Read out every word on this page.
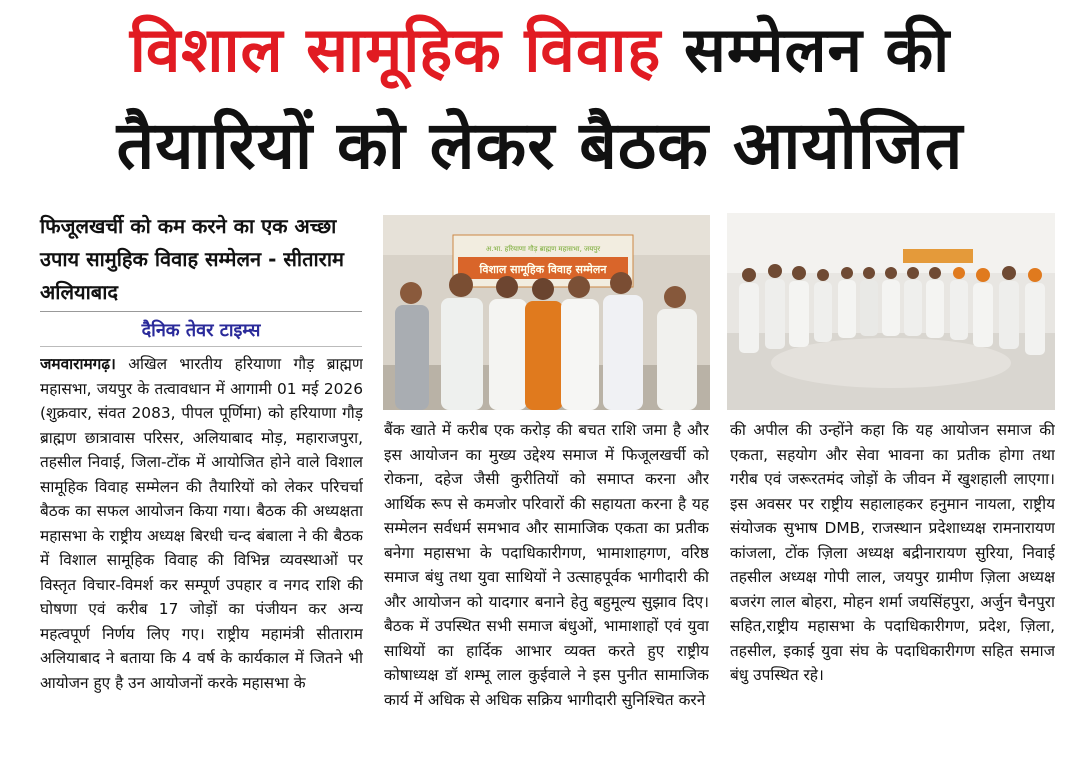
विशाल सामूहिक विवाह सम्मेलन की
तैयारियों को लेकर बैठक आयोजित
फिजूलखर्ची को कम करने का एक अच्छा उपाय सामुहिक विवाह सम्मेलन - सीताराम अलियाबाद
दैनिक तेवर टाइम्स
जमवारामगढ़। अखिल भारतीय हरियाणा गौड़ ब्राह्मण महासभा, जयपुर के तत्वावधान में आगामी 01 मई 2026 (शुक्रवार, संवत 2083, पीपल पूर्णिमा) को हरियाणा गौड़ ब्राह्मण छात्रावास परिसर, अलियाबाद मोड़, महाराजपुरा, तहसील निवाई, जिला-टोंक में आयोजित होने वाले विशाल सामूहिक विवाह सम्मेलन की तैयारियों को लेकर परिचर्चा बैठक का सफल आयोजन किया गया। बैठक की अध्यक्षता महासभा के राष्ट्रीय अध्यक्ष बिरधी चन्द बंबाला ने की बैठक में विशाल सामूहिक विवाह की विभिन्न व्यवस्थाओं पर विस्तृत विचार-विमर्श कर सम्पूर्ण उपहार व नगद राशि की घोषणा एवं करीब 17 जोड़ों का पंजीयन कर अन्य महत्वपूर्ण निर्णय लिए गए। राष्ट्रीय महामंत्री सीताराम अलियाबाद ने बताया कि 4 वर्ष के कार्यकाल में जितने भी आयोजन हुए है उन आयोजनों करके महासभा के
अ.भा. हरियाणा गौड़ ब्राह्मण महासभा, जयपुर
विशाल सामूहिक विवाह सम्मेलन
बैंक खाते में करीब एक करोड़ की बचत राशि जमा है और इस आयोजन का मुख्य उद्देश्य समाज में फिजूलखर्ची को रोकना, दहेज जैसी कुरीतियों को समाप्त करना और आर्थिक रूप से कमजोर परिवारों की सहायता करना है यह सम्मेलन सर्वधर्म समभाव और सामाजिक एकता का प्रतीक बनेगा महासभा के पदाधिकारीगण, भामाशाहगण, वरिष्ठ समाज बंधु तथा युवा साथियों ने उत्साहपूर्वक भागीदारी की और आयोजन को यादगार बनाने हेतु बहुमूल्य सुझाव दिए। बैठक में उपस्थित सभी समाज बंधुओं, भामाशाहों एवं युवा साथियों का हार्दिक आभार व्यक्त करते हुए राष्ट्रीय कोषाध्यक्ष डॉ शम्भू लाल कुईवाले ने इस पुनीत सामाजिक कार्य में अधिक से अधिक सक्रिय भागीदारी सुनिश्चित करने
की अपील की उन्होंने कहा कि यह आयोजन समाज की एकता, सहयोग और सेवा भावना का प्रतीक होगा तथा गरीब एवं जरूरतमंद जोड़ों के जीवन में खुशहाली लाएगा। इस अवसर पर राष्ट्रीय सहालाहकर हनुमान नायला, राष्ट्रीय संयोजक सुभाष DMB, राजस्थान प्रदेशाध्यक्ष रामनारायण कांजला, टोंक ज़िला अध्यक्ष बद्रीनारायण सुरिया, निवाई तहसील अध्यक्ष गोपी लाल, जयपुर ग्रामीण ज़िला अध्यक्ष बजरंग लाल बोहरा, मोहन शर्मा जयसिंहपुरा, अर्जुन चैनपुरा सहित,राष्ट्रीय महासभा के पदाधिकारीगण, प्रदेश, ज़िला, तहसील, इकाई युवा संघ के पदाधिकारीगण सहित समाज बंधु उपस्थित रहे।
